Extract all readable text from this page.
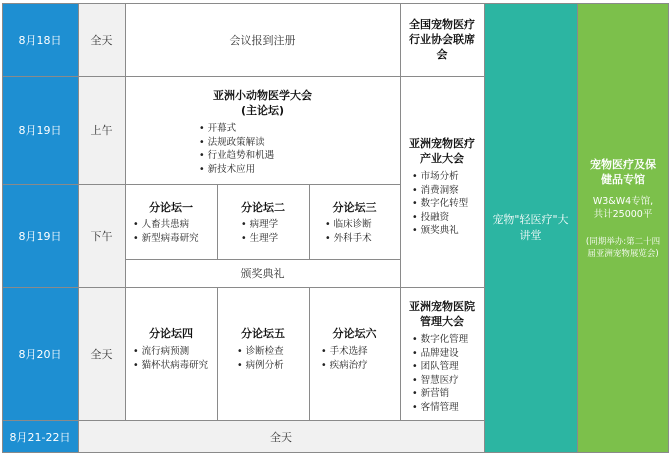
8月18日
8月19日
8月19日
8月20日
8月21-22日
全天
上午
下午
全天
全天
会议报到注册
全国宠物医疗行业协会联席会
亚洲小动物医学大会
(主论坛)
• 开幕式
• 法规政策解读
• 行业趋势和机遇
• 新技术应用
亚洲宠物医疗产业大会
• 市场分析
• 消费洞察
• 数字化转型
• 投融资
• 颁奖典礼
分论坛一
• 人畜共患病
• 新型病毒研究
分论坛二
• 病理学
• 生理学
分论坛三
• 临床诊断
• 外科手术
颁奖典礼
分论坛四
• 流行病预测
• 猫杯状病毒研究
分论坛五
• 诊断检查
• 病例分析
分论坛六
• 手术选择
• 疾病治疗
亚洲宠物医院管理大会
• 数字化管理
• 品牌建设
• 团队管理
• 智慧医疗
• 新营销
• 客情管理
宠物"轻医疗"大讲堂
宠物医疗及保健品专馆
W3&W4专馆,
共计25000平
(同期举办:第二十四届亚洲宠物展览会)
